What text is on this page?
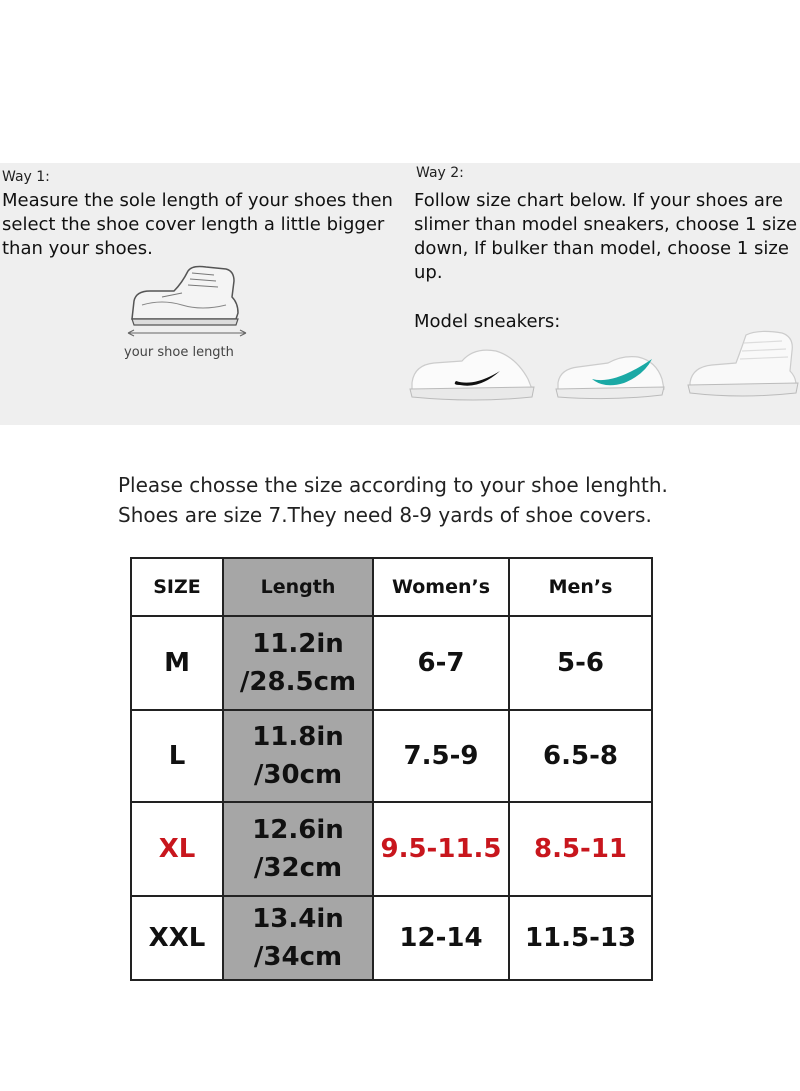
Way 1:
Measure the sole length of your shoes then select the shoe cover length a little bigger than your shoes.
Way 2:
Follow size chart below. If your shoes are slimer than model sneakers, choose 1 size down, If bulker than model, choose 1 size up.
Model sneakers:
your shoe length
Please chosse the size according to your shoe lenghth.
Shoes are size 7.They need 8-9 yards of shoe covers.
SIZE	Length	Women’s	Men’s
M	11.2in
/28.5cm	6-7	5-6
L	11.8in
/30cm	7.5-9	6.5-8
XL	12.6in
/32cm	9.5-11.5	8.5-11
XXL	13.4in
/34cm	12-14	11.5-13
